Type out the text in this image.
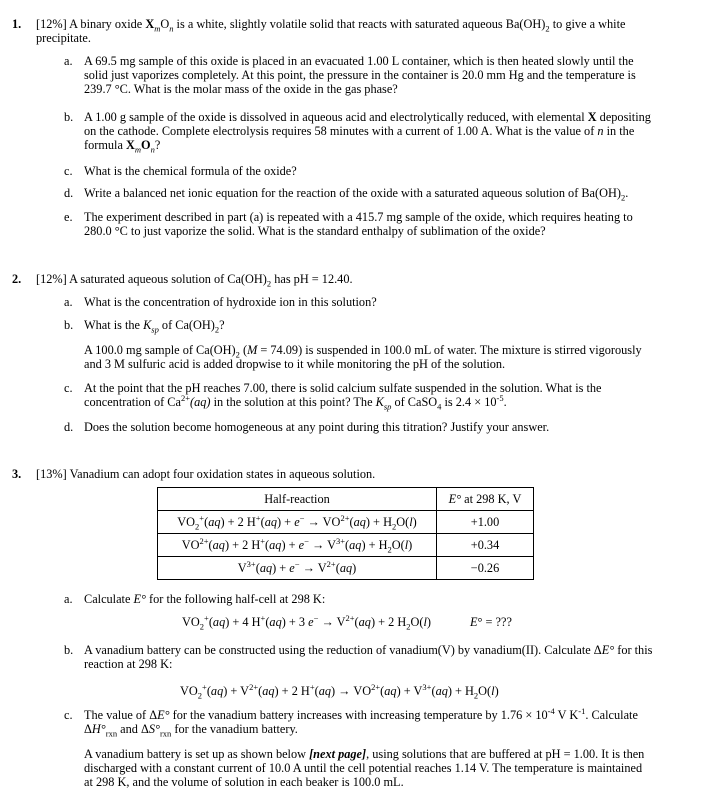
1. [12%] A binary oxide $X_mO_n$ is a white, slightly volatile solid that reacts with saturated aqueous $Ba(OH)_2$ to give a white
precipitate.
a. A 69.5 mg sample of this oxide is placed in an evacuated 1.00 L container, which is then heated slowly until the
solid just vaporizes completely. At this point, the pressure in the container is 20.0 mm Hg and the temperature is
239.7 °C. What is the molar mass of the oxide in the gas phase?
b. A 1.00 g sample of the oxide is dissolved in aqueous acid and electrolytically reduced, with elemental X depositing
on the cathode. Complete electrolysis requires 58 minutes with a current of 1.00 A. What is the value of n in the
formula $X_mO_n$?
c. What is the chemical formula of the oxide?
d. Write a balanced net ionic equation for the reaction of the oxide with a saturated aqueous solution of $Ba(OH)_2$.
e. The experiment described in part (a) is repeated with a 415.7 mg sample of the oxide, which requires heating to
280.0 °C to just vaporize the solid. What is the standard enthalpy of sublimation of the oxide?
2. [12%] A saturated aqueous solution of $Ca(OH)_2$ has pH = 12.40.
a. What is the concentration of hydroxide ion in this solution?
b. What is the $K_{sp}$ of $Ca(OH)_2$?
A 100.0 mg sample of $Ca(OH)_2$ (M = 74.09) is suspended in 100.0 mL of water. The mixture is stirred vigorously
and 3 M sulfuric acid is added dropwise to it while monitoring the pH of the solution.
c. At the point that the pH reaches 7.00, there is solid calcium sulfate suspended in the solution. What is the
concentration of $Ca^{2+}(aq)$ in the solution at this point? The $K_{sp}$ of CaSO$_4$ is $2.4 \times 10^{-5}$.
d. Does the solution become homogeneous at any point during this titration? Justify your answer.
3. [13%] Vanadium can adopt four oxidation states in aqueous solution.
Half-reaction	E° at 298 K, V
$VO_2^+(aq) + 2$ $H^+(aq) + e^- \to VO^{2+}(aq) + H_2O(l)$	+1.00
$VO^{2+}(aq) + 2$ $H^+(aq) + e^- \to V^{3+}(aq) + H_2O(l)$	+0.34
$V^{3+}(aq) + e^- \to V^{2+}(aq)$	−0.26
a. Calculate E° for the following half-cell at 298 K:
$VO_2^+(aq) + 4$ H+(aq) + 3 $e^- \to V^{2+}(aq) + 2$ $H_2O(l)$	E° = ???
b. A vanadium battery can be constructed using the reduction of vanadium(V) by vanadium(II). Calculate ΔE° for this
reaction at 298 K:
$VO_2^+(aq) + V^{2+}(aq) + 2$ $H^+(aq) \to VO^{2+}(aq) + V^{3+}(aq) + H_2O(l)$
c. The value of ΔE° for the vanadium battery increases with increasing temperature by $1.76 \times 10^{-4}$ V $K^{-1}$. Calculate
$\Delta H^\circ_{rxn}$ and $\Delta S^\circ_{rxn}$ for the vanadium battery.
A vanadium battery is set up as shown below [next page], using solutions that are buffered at pH = 1.00. It is then
discharged with a constant current of 10.0 A until the cell potential reaches 1.14 V. The temperature is maintained
at 298 K, and the volume of solution in each beaker is 100.0 mL.
